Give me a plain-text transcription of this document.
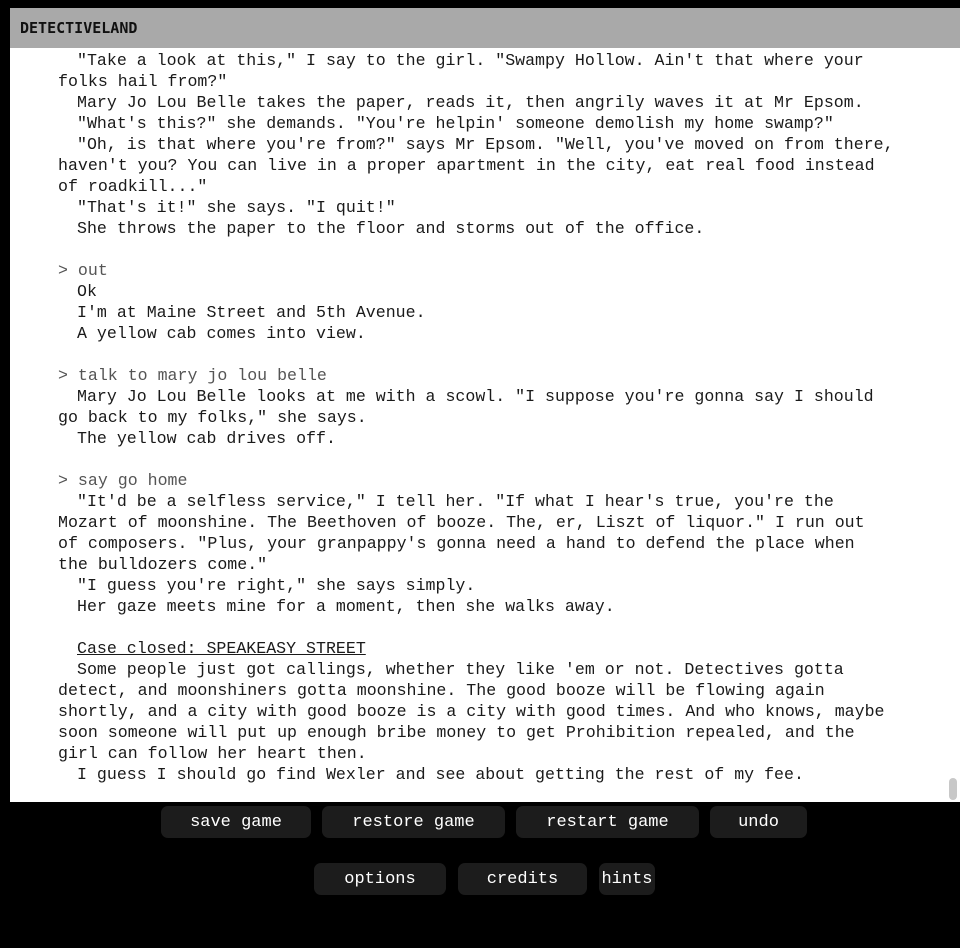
DETECTIVELAND
"Take a look at this," I say to the girl. "Swampy Hollow. Ain't that where your folks hail from?"
Mary Jo Lou Belle takes the paper, reads it, then angrily waves it at Mr Epsom.
"What's this?" she demands. "You're helpin' someone demolish my home swamp?"
"Oh, is that where you're from?" says Mr Epsom. "Well, you've moved on from there, haven't you? You can live in a proper apartment in the city, eat real food instead of roadkill..."
"That's it!" she says. "I quit!"
She throws the paper to the floor and storms out of the office.
> out
Ok
I'm at Maine Street and 5th Avenue.
A yellow cab comes into view.
> talk to mary jo lou belle
Mary Jo Lou Belle looks at me with a scowl. "I suppose you're gonna say I should go back to my folks," she says.
The yellow cab drives off.
> say go home
"It'd be a selfless service," I tell her. "If what I hear's true, you're the Mozart of moonshine. The Beethoven of booze. The, er, Liszt of liquor." I run out of composers. "Plus, your granpappy's gonna need a hand to defend the place when the bulldozers come."
"I guess you're right," she says simply.
Her gaze meets mine for a moment, then she walks away.
Case closed: SPEAKEASY STREET
Some people just got callings, whether they like 'em or not. Detectives gotta detect, and moonshiners gotta moonshine. The good booze will be flowing again shortly, and a city with good booze is a city with good times. And who knows, maybe soon someone will put up enough bribe money to get Prohibition repealed, and the girl can follow her heart then.
I guess I should go find Wexler and see about getting the rest of my fee.
save game	restore game	restart game	undo
options	credits	hints
